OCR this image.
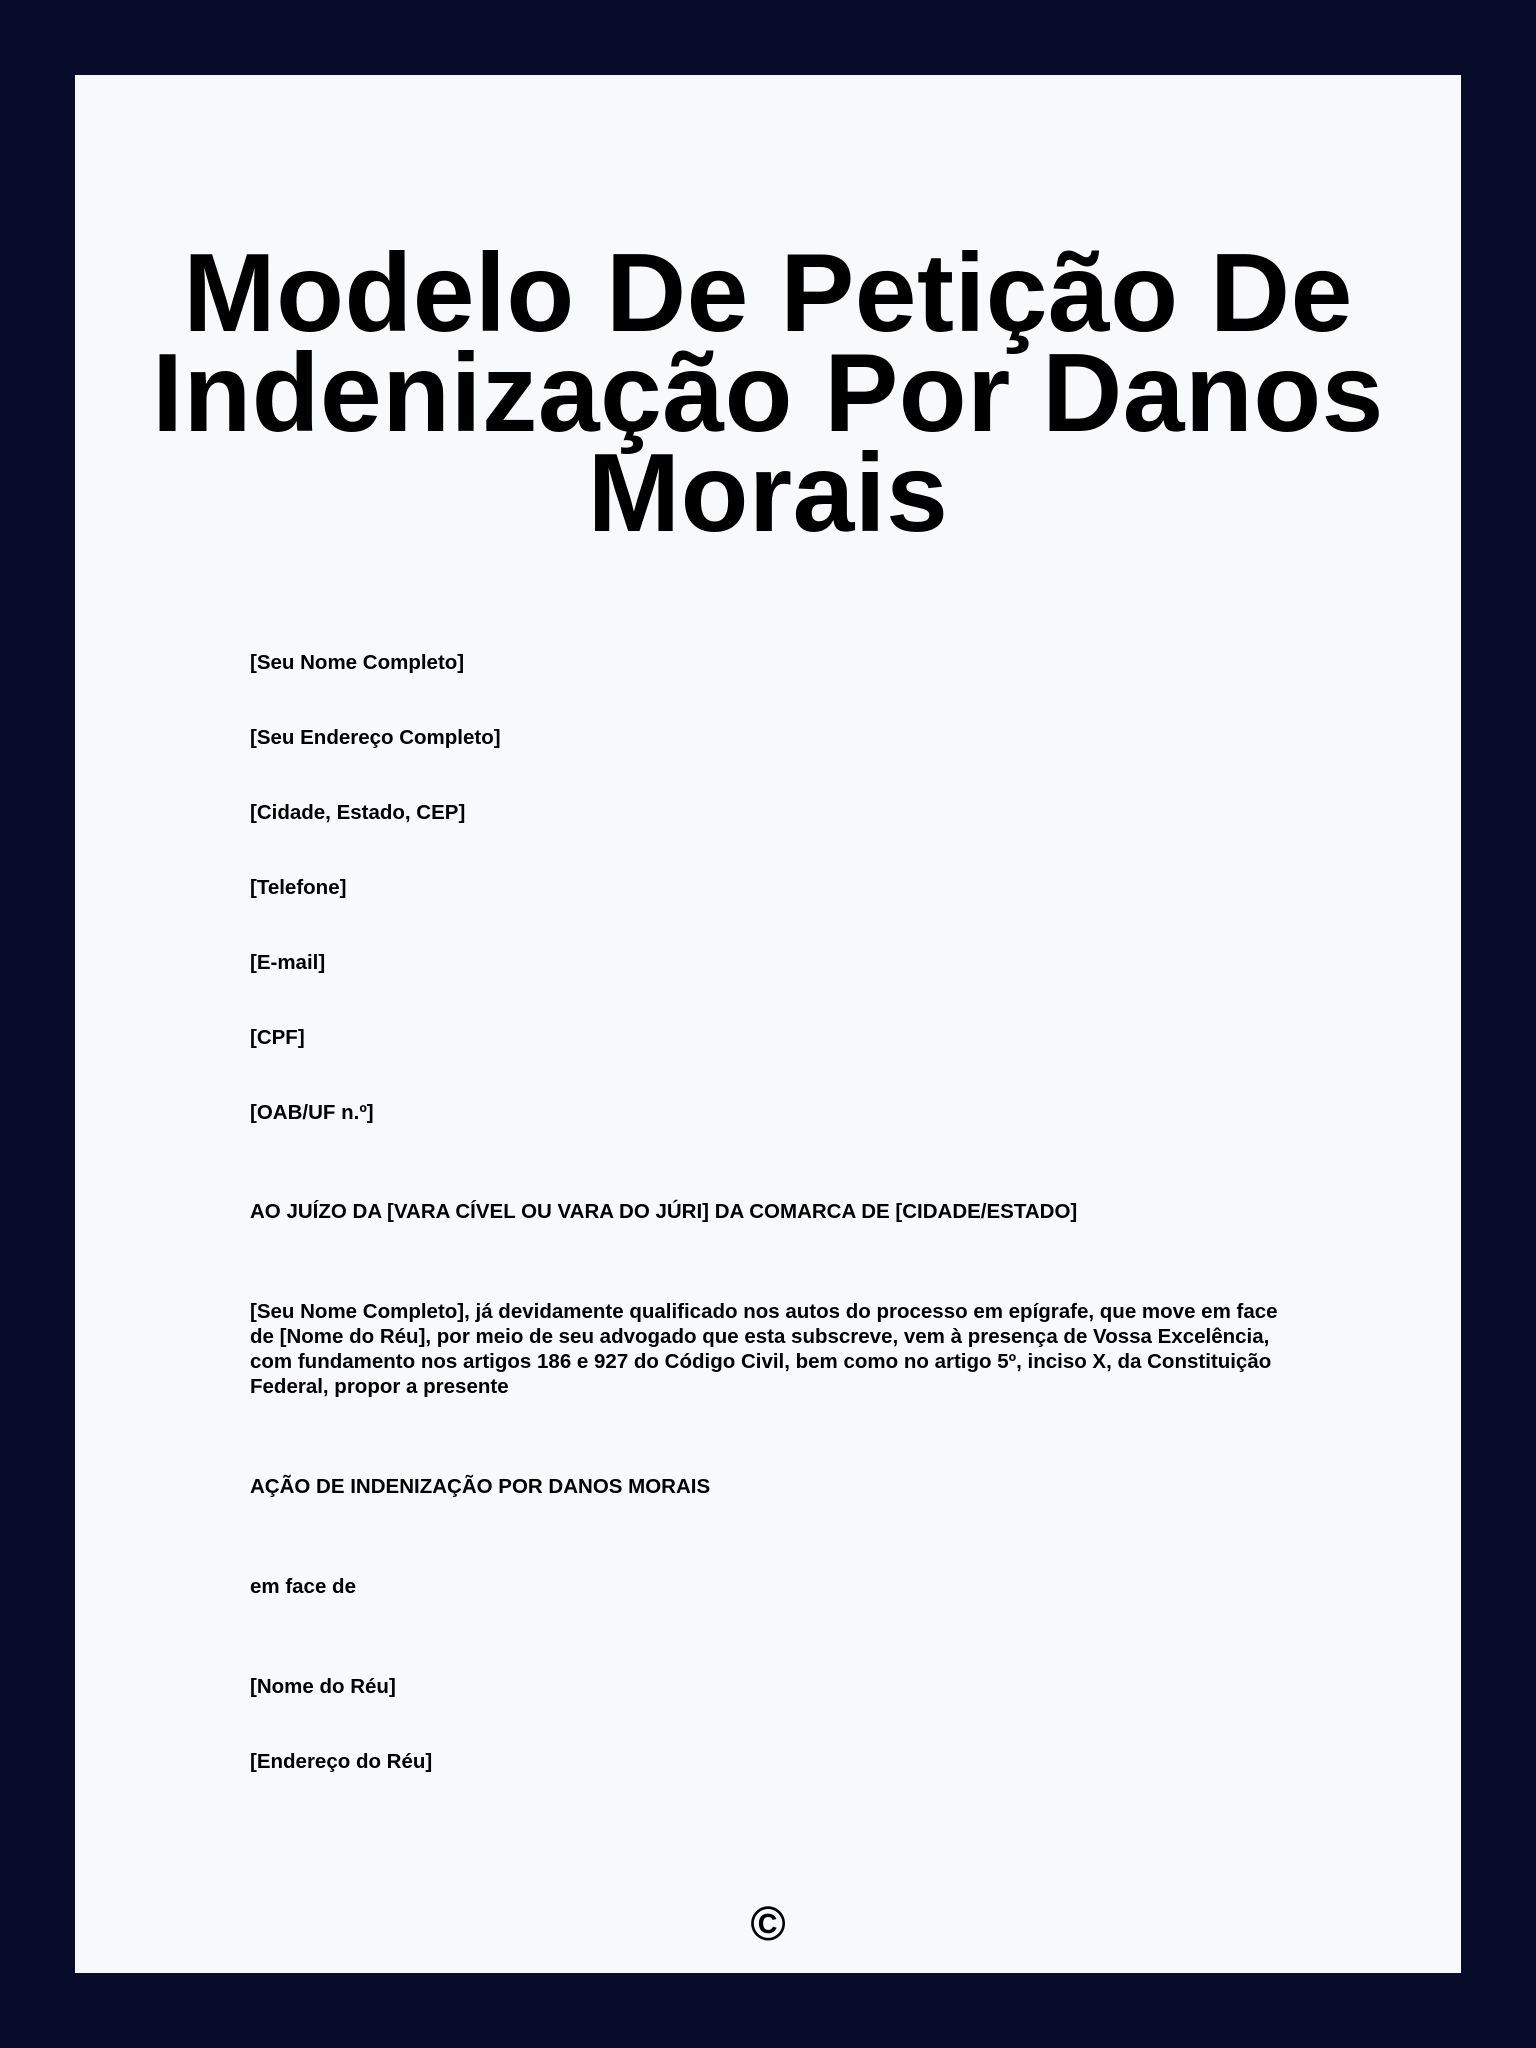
Modelo De Petição De Indenização Por Danos Morais

[Seu Nome Completo]

[Seu Endereço Completo]

[Cidade, Estado, CEP]

[Telefone]

[E-mail]

[CPF]

[OAB/UF n.º]

AO JUÍZO DA [VARA CÍVEL OU VARA DO JÚRI] DA COMARCA DE [CIDADE/ESTADO]

[Seu Nome Completo], já devidamente qualificado nos autos do processo em epígrafe, que move em face de [Nome do Réu], por meio de seu advogado que esta subscreve, vem à presença de Vossa Excelência, com fundamento nos artigos 186 e 927 do Código Civil, bem como no artigo 5º, inciso X, da Constituição Federal, propor a presente

AÇÃO DE INDENIZAÇÃO POR DANOS MORAIS

em face de

[Nome do Réu]

[Endereço do Réu]

©
